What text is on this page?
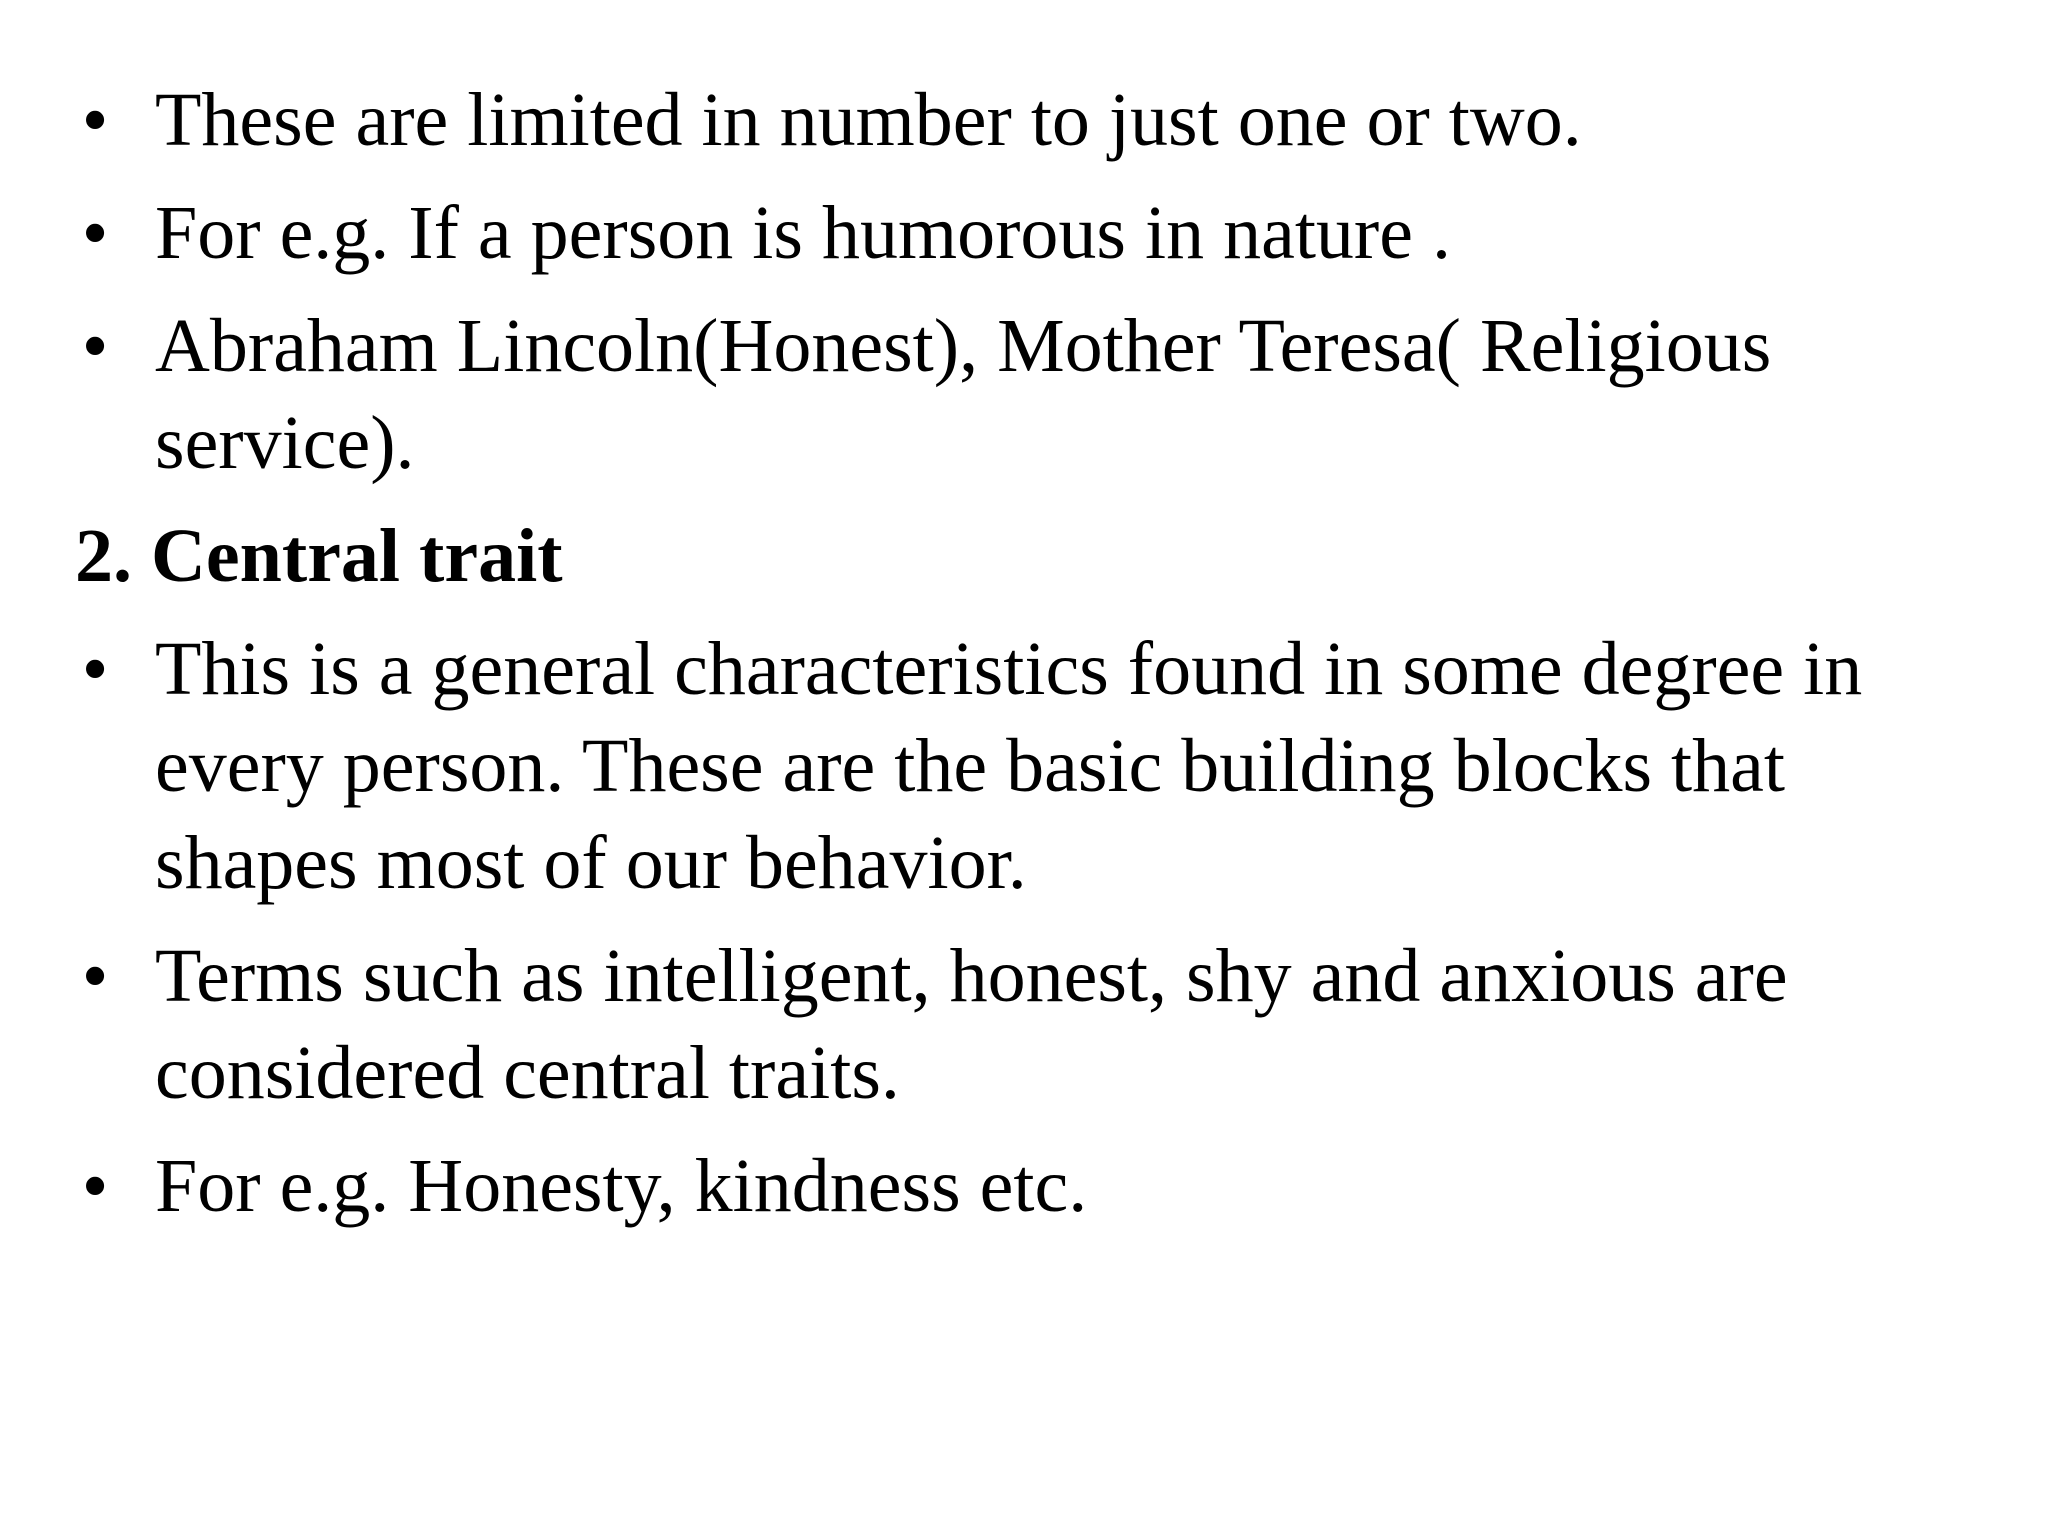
• These are limited in number to just one or two.
• For e.g. If a person is humorous in nature .
• Abraham Lincoln(Honest), Mother Teresa( Religious service).
2. Central trait
• This is a general characteristics found in some degree in every person. These are the basic building blocks that shapes most of our behavior.
• Terms such as intelligent, honest, shy and anxious are considered central traits.
• For e.g. Honesty, kindness etc.
